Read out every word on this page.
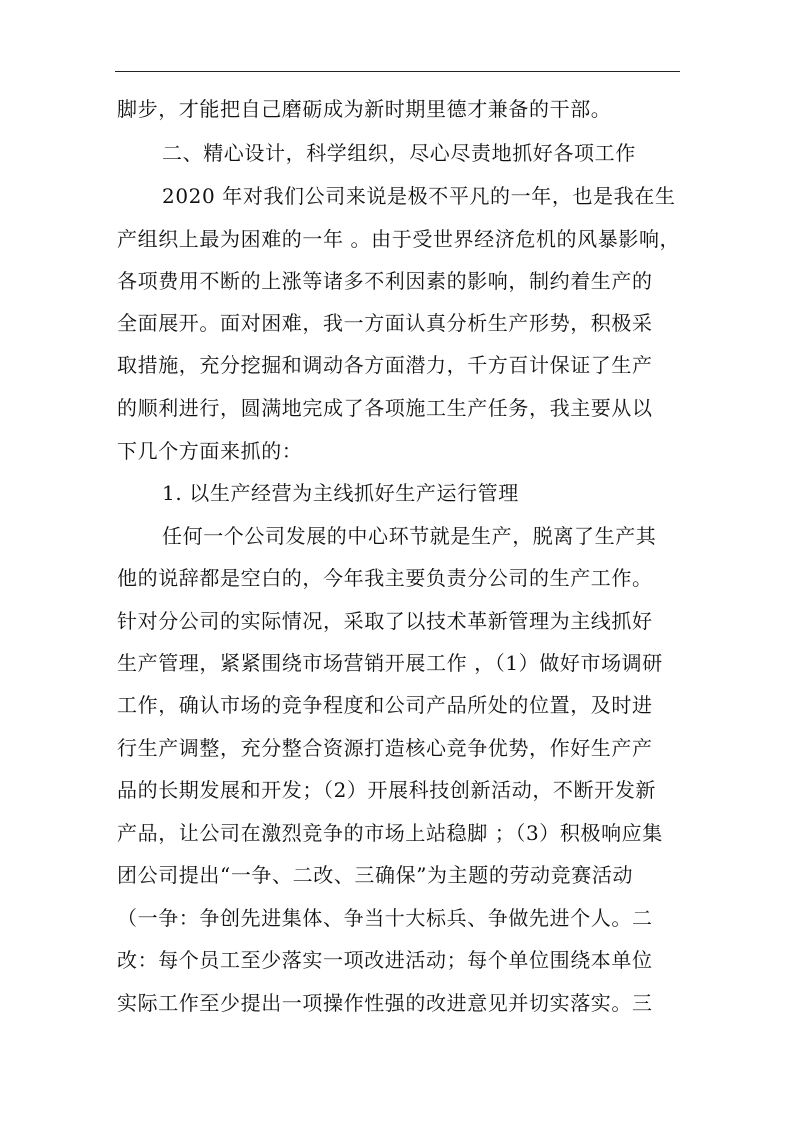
脚步，才能把自己磨砺成为新时期里德才兼备的干部。
二、精心设计，科学组织，尽心尽责地抓好各项工作
2020 年对我们公司来说是极不平凡的一年，也是我在生
产组织上最为困难的一年 。由于受世界经济危机的风暴影响，
各项费用不断的上涨等诸多不利因素的影响，制约着生产的
全面展开。面对困难，我一方面认真分析生产形势，积极采
取措施，充分挖掘和调动各方面潜力，千方百计保证了生产
的顺利进行，圆满地完成了各项施工生产任务，我主要从以
下几个方面来抓的：
1. 以生产经营为主线抓好生产运行管理
任何一个公司发展的中心环节就是生产，脱离了生产其
他的说辞都是空白的，今年我主要负责分公司的生产工作。
针对分公司的实际情况，采取了以技术革新管理为主线抓好
生产管理，紧紧围绕市场营销开展工作 ，（1）做好市场调研
工作，确认市场的竞争程度和公司产品所处的位置，及时进
行生产调整，充分整合资源打造核心竞争优势，作好生产产
品的长期发展和开发；（2）开展科技创新活动，不断开发新
产品，让公司在激烈竞争的市场上站稳脚 ；（3）积极响应集
团公司提出“一争、二改、三确保”为主题的劳动竞赛活动
（一争：争创先进集体、争当十大标兵、争做先进个人。二
改：每个员工至少落实一项改进活动；每个单位围绕本单位
实际工作至少提出一项操作性强的改进意见并切实落实。三
